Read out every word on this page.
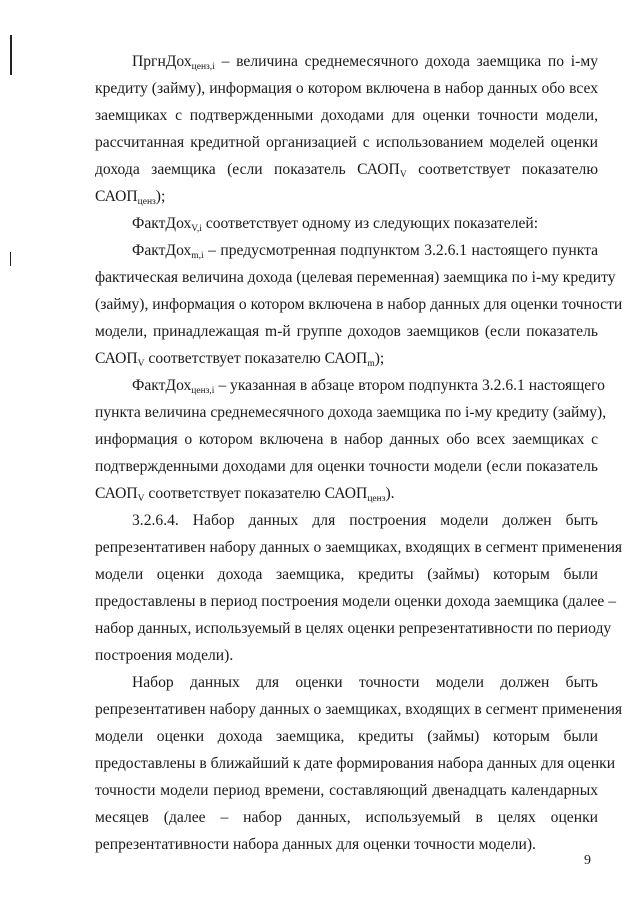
ПргнДох$_{ценз,i}$ – величина среднемесячного дохода заемщика по i-му
кредиту (займу), информация о котором включена в набор данных обо всех
заемщиках с подтвержденными доходами для оценки точности модели,
рассчитанная кредитной организацией с использованием моделей оценки
дохода заемщика (если показатель $САОП_V$ соответствует показателю
$САОП_{ценз}$);
ФактДох$_{V,i}$ соответствует одному из следующих показателей:
ФактДох$_{m,i}$ – предусмотренная подпунктом 3.2.6.1 настоящего пункта
фактическая величина дохода (целевая переменная) заемщика по i-му кредиту
(займу), информация о котором включена в набор данных для оценки точности
модели, принадлежащая m-й группе доходов заемщиков (если показатель
$САОП_V$ соответствует показателю $САОП_m$);
ФактДох$_{ценз,i}$ – указанная в абзаце втором подпункта 3.2.6.1 настоящего
пункта величина среднемесячного дохода заемщика по i-му кредиту (займу),
информация о котором включена в набор данных обо всех заемщиках с
подтвержденными доходами для оценки точности модели (если показатель
$САОП_V$ соответствует показателю $САОП_{ценз}$).
3.2.6.4. Набор данных для построения модели должен быть
репрезентативен набору данных о заемщиках, входящих в сегмент применения
модели оценки дохода заемщика, кредиты (займы) которым были
предоставлены в период построения модели оценки дохода заемщика (далее –
набор данных, используемый в целях оценки репрезентативности по периоду
построения модели).
Набор данных для оценки точности модели должен быть
репрезентативен набору данных о заемщиках, входящих в сегмент применения
модели оценки дохода заемщика, кредиты (займы) которым были
предоставлены в ближайший к дате формирования набора данных для оценки
точности модели период времени, составляющий двенадцать календарных
месяцев (далее – набор данных, используемый в целях оценки
репрезентативности набора данных для оценки точности модели).
9
